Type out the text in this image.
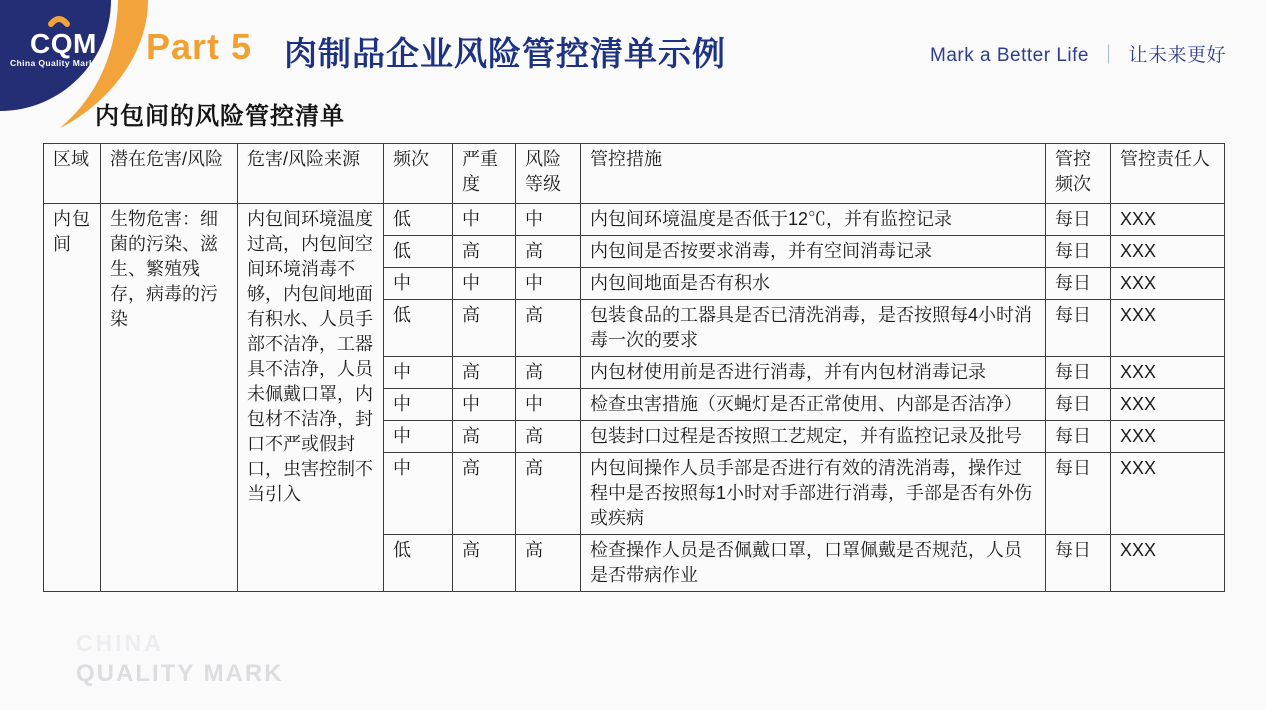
CQM
China Quality Mark Part 5 肉制品企业风险管控清单示例	Mark a Better Life ｜ 让未来更好
内包间的风险管控清单
区域	潜在危害/风险	危害/风险来源	频次	严重度	风险等级	管控措施	管控频次	管控责任人
内包间	生物危害：细菌的污染、滋生、繁殖残存，病毒的污染	内包间环境温度过高，内包间空间环境消毒不够，内包间地面有积水、人员手部不洁净，工器具不洁净，人员未佩戴口罩，内包材不洁净，封口不严或假封口，虫害控制不当引入	低	中	中	内包间环境温度是否低于12℃，并有监控记录	每日	XXX
			低	高	高	内包间是否按要求消毒，并有空间消毒记录	每日	XXX
			中	中	中	内包间地面是否有积水	每日	XXX
			低	高	高	包装食品的工器具是否已清洗消毒，是否按照每4小时消毒一次的要求	每日	XXX
			中	高	高	内包材使用前是否进行消毒，并有内包材消毒记录	每日	XXX
			中	中	中	检查虫害措施（灭蝇灯是否正常使用、内部是否洁净）	每日	XXX
			中	高	高	包装封口过程是否按照工艺规定，并有监控记录及批号	每日	XXX
			中	高	高	内包间操作人员手部是否进行有效的清洗消毒，操作过程中是否按照每1小时对手部进行消毒，手部是否有外伤或疾病	每日	XXX
			低	高	高	检查操作人员是否佩戴口罩，口罩佩戴是否规范，人员是否带病作业	每日	XXX
CHINA
QUALITY MARK
